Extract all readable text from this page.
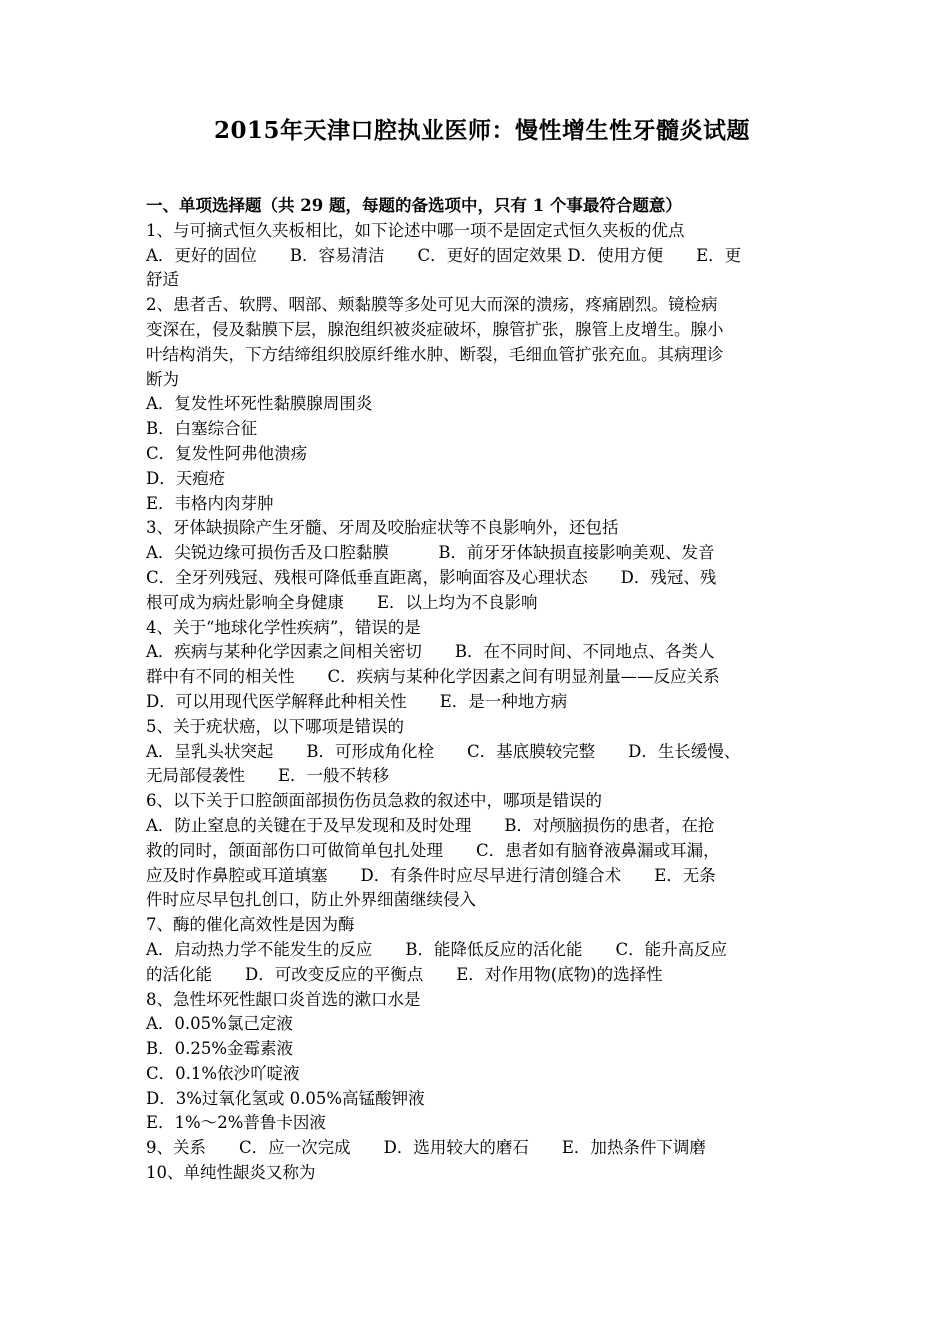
2015年天津口腔执业医师：慢性增生性牙髓炎试题

一、单项选择题（共 29 题，每题的备选项中，只有 1 个事最符合题意）

1、与可摘式恒久夹板相比，如下论述中哪一项不是固定式恒久夹板的优点

A．更好的固位　　B．容易清洁　　C．更好的固定效果 D．使用方便　　E．更

舒适

2、患者舌、软腭、咽部、颊黏膜等多处可见大而深的溃疡，疼痛剧烈。镜检病

变深在，侵及黏膜下层，腺泡组织被炎症破坏，腺管扩张，腺管上皮增生。腺小

叶结构消失，下方结缔组织胶原纤维水肿、断裂，毛细血管扩张充血。其病理诊

断为

A．复发性坏死性黏膜腺周围炎

B．白塞综合征

C．复发性阿弗他溃疡

D．天疱疮

E．韦格内肉芽肿

3、牙体缺损除产生牙髓、牙周及咬胎症状等不良影响外，还包括

A．尖锐边缘可损伤舌及口腔黏膜　　　B．前牙牙体缺损直接影响美观、发音

C．全牙列残冠、残根可降低垂直距离，影响面容及心理状态　　D．残冠、残

根可成为病灶影响全身健康　　E．以上均为不良影响

4、关于“地球化学性疾病”，错误的是

A．疾病与某种化学因素之间相关密切　　B．在不同时间、不同地点、各类人

群中有不同的相关性　　C．疾病与某种化学因素之间有明显剂量——反应关系

D．可以用现代医学解释此种相关性　　E．是一种地方病

5、关于疣状癌，以下哪项是错误的

A．呈乳头状突起　　B．可形成角化栓　　C．基底膜较完整　　D．生长缓慢、

无局部侵袭性　　E．一般不转移

6、以下关于口腔颌面部损伤伤员急救的叙述中，哪项是错误的

A．防止窒息的关键在于及早发现和及时处理　　B．对颅脑损伤的患者，在抢

救的同时，颌面部伤口可做简单包扎处理　　C．患者如有脑脊液鼻漏或耳漏，

应及时作鼻腔或耳道填塞　　D．有条件时应尽早进行清创缝合术　　E．无条

件时应尽早包扎创口，防止外界细菌继续侵入

7、酶的催化高效性是因为酶

A．启动热力学不能发生的反应　　B．能降低反应的活化能　　C．能升高反应

的活化能　　D．可改变反应的平衡点　　E．对作用物(底物)的选择性

8、急性坏死性龈口炎首选的漱口水是

A．0.05%氯己定液

B．0.25%金霉素液

C．0.1%依沙吖啶液

D．3%过氧化氢或 0.05%高锰酸钾液

E．1%～2%普鲁卡因液

9、关系　　C．应一次完成　　D．选用较大的磨石　　E．加热条件下调磨

10、单纯性龈炎又称为
